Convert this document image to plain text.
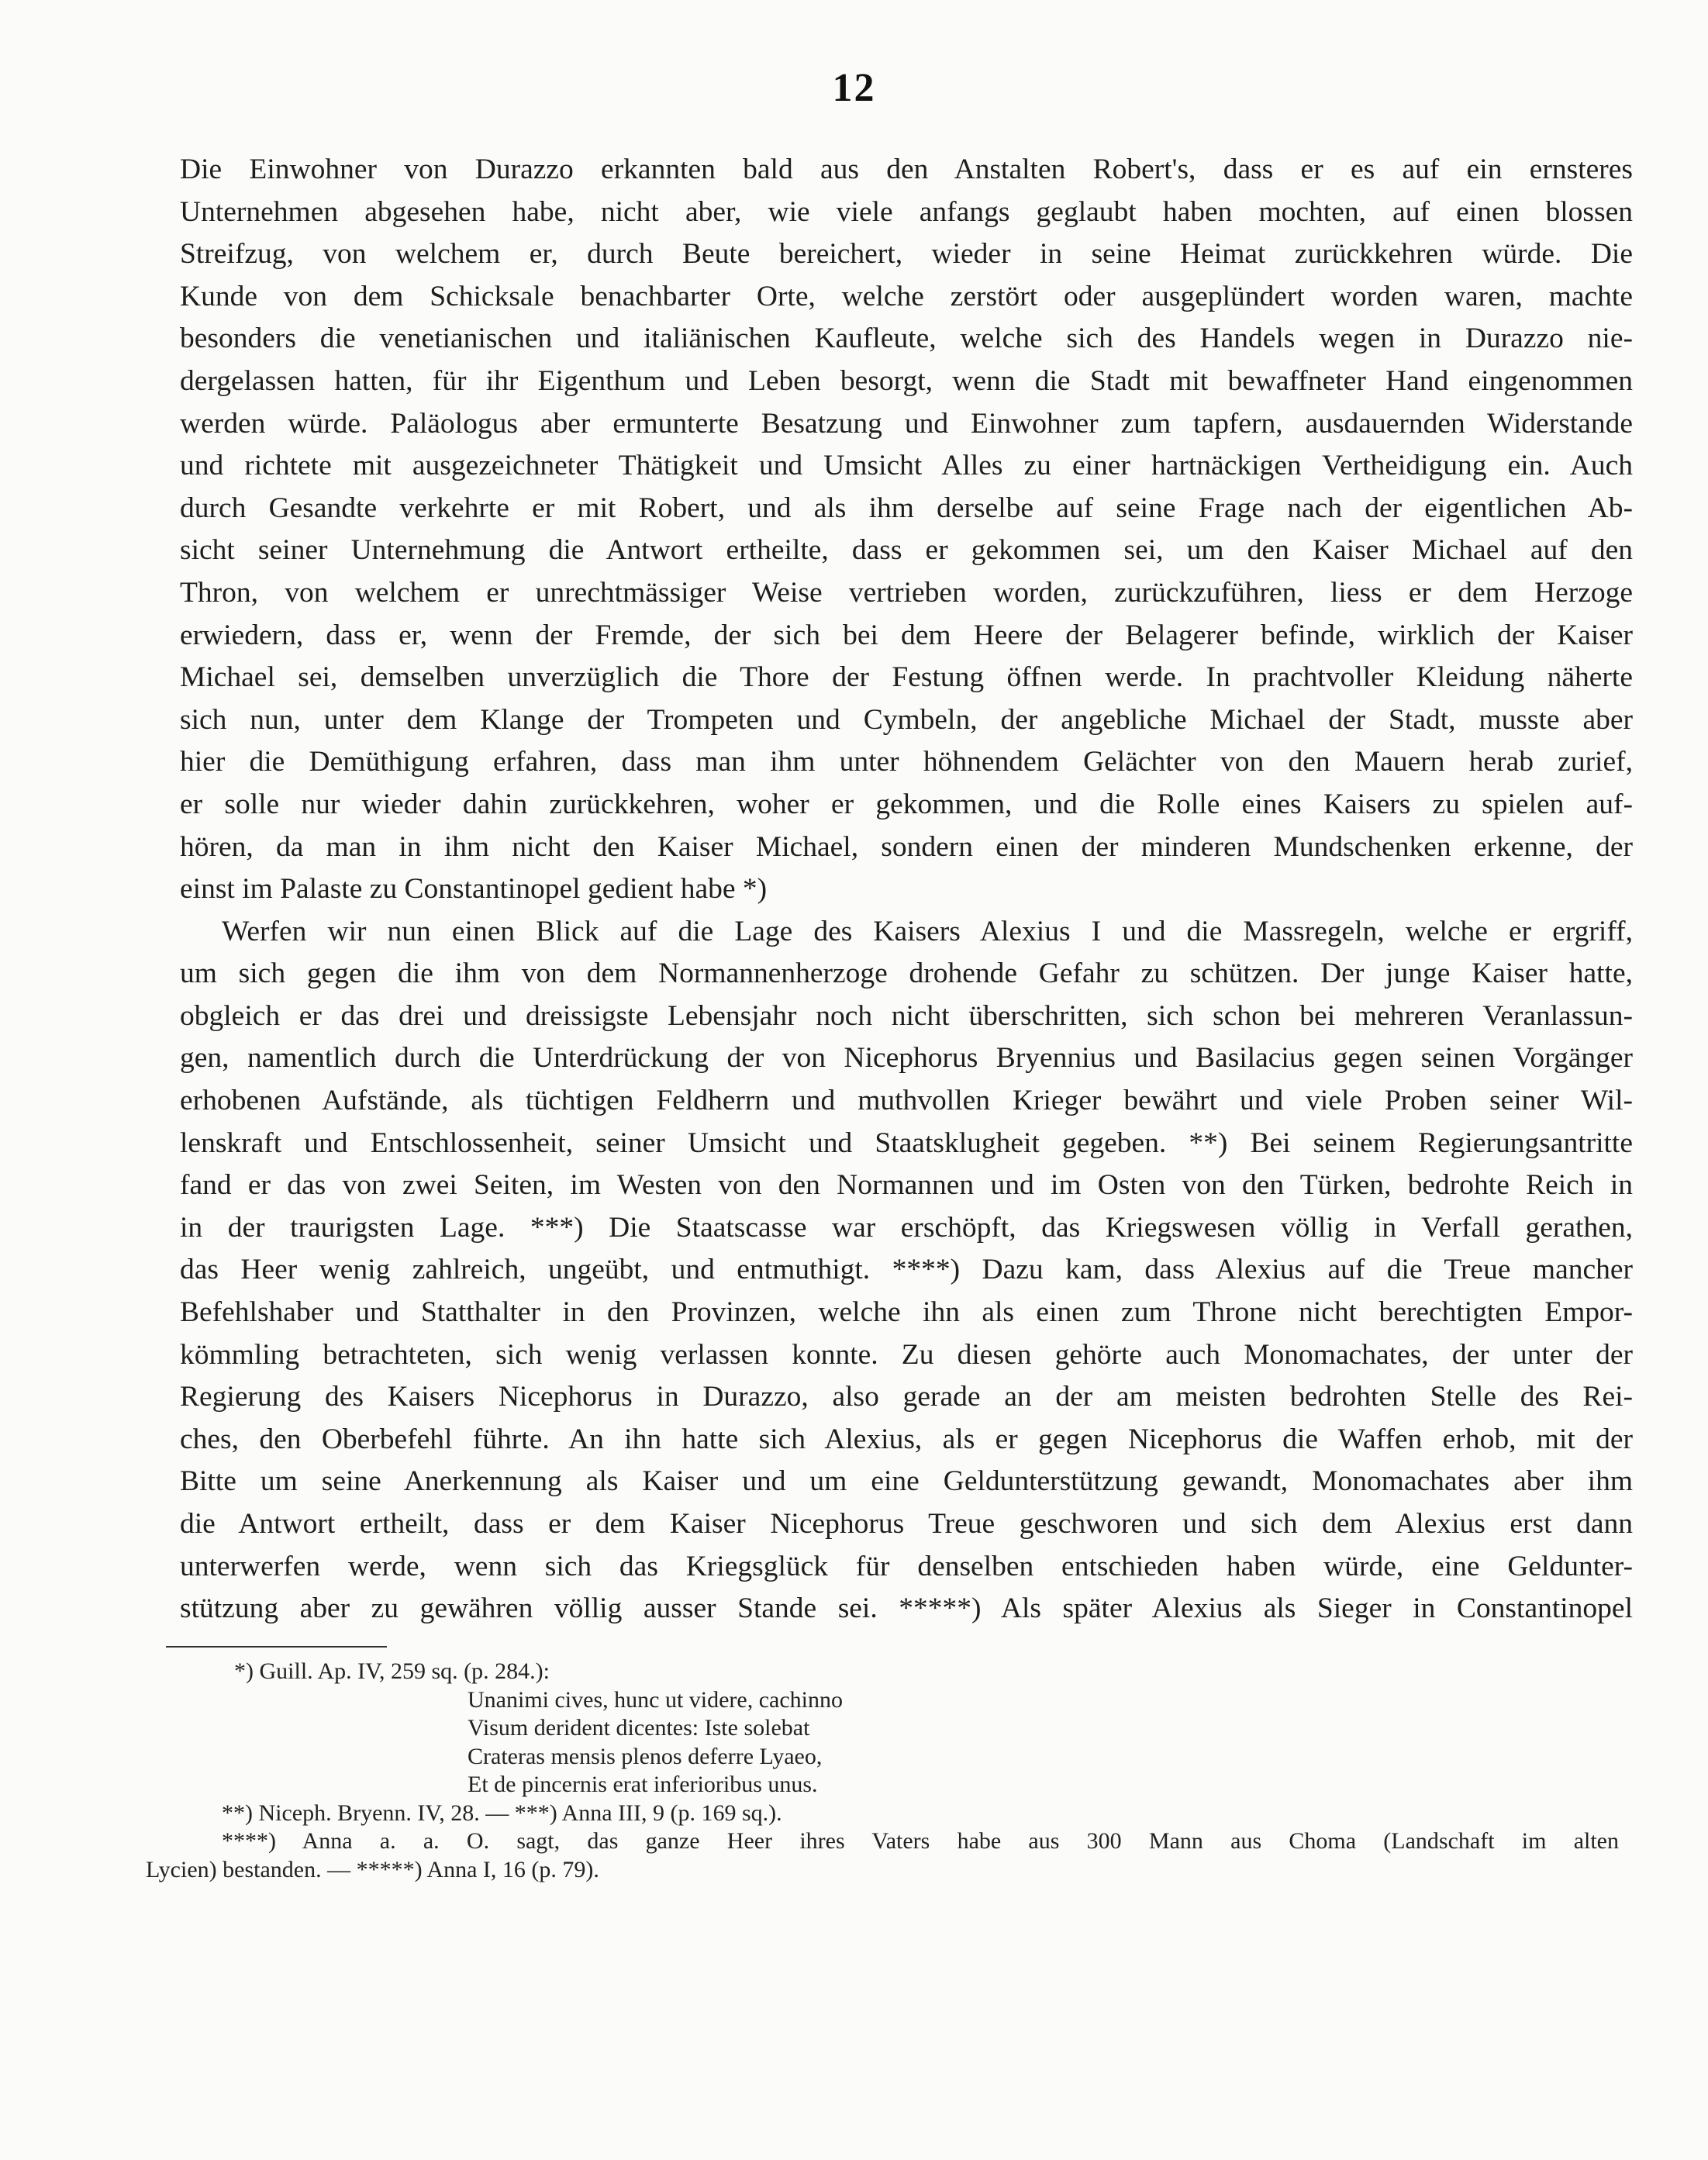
12
Die Einwohner von Durazzo erkannten bald aus den Anstalten Robert's, dass er es auf ein ernsteres
Unternehmen abgesehen habe, nicht aber, wie viele anfangs geglaubt haben mochten, auf einen blossen
Streifzug, von welchem er, durch Beute bereichert, wieder in seine Heimat zurückkehren würde. Die
Kunde von dem Schicksale benachbarter Orte, welche zerstört oder ausgeplündert worden waren, machte
besonders die venetianischen und italiänischen Kaufleute, welche sich des Handels wegen in Durazzo nie-
dergelassen hatten, für ihr Eigenthum und Leben besorgt, wenn die Stadt mit bewaffneter Hand eingenommen
werden würde. Paläologus aber ermunterte Besatzung und Einwohner zum tapfern, ausdauernden Widerstande
und richtete mit ausgezeichneter Thätigkeit und Umsicht Alles zu einer hartnäckigen Vertheidigung ein. Auch
durch Gesandte verkehrte er mit Robert, und als ihm derselbe auf seine Frage nach der eigentlichen Ab-
sicht seiner Unternehmung die Antwort ertheilte, dass er gekommen sei, um den Kaiser Michael auf den
Thron, von welchem er unrechtmässiger Weise vertrieben worden, zurückzuführen, liess er dem Herzoge
erwiedern, dass er, wenn der Fremde, der sich bei dem Heere der Belagerer befinde, wirklich der Kaiser
Michael sei, demselben unverzüglich die Thore der Festung öffnen werde. In prachtvoller Kleidung näherte
sich nun, unter dem Klange der Trompeten und Cymbeln, der angebliche Michael der Stadt, musste aber
hier die Demüthigung erfahren, dass man ihm unter höhnendem Gelächter von den Mauern herab zurief,
er solle nur wieder dahin zurückkehren, woher er gekommen, und die Rolle eines Kaisers zu spielen auf-
hören, da man in ihm nicht den Kaiser Michael, sondern einen der minderen Mundschenken erkenne, der
einst im Palaste zu Constantinopel gedient habe *)
Werfen wir nun einen Blick auf die Lage des Kaisers Alexius I und die Massregeln, welche er ergriff,
um sich gegen die ihm von dem Normannenherzoge drohende Gefahr zu schützen. Der junge Kaiser hatte,
obgleich er das drei und dreissigste Lebensjahr noch nicht überschritten, sich schon bei mehreren Veranlassun-
gen, namentlich durch die Unterdrückung der von Nicephorus Bryennius und Basilacius gegen seinen Vorgänger
erhobenen Aufstände, als tüchtigen Feldherrn und muthvollen Krieger bewährt und viele Proben seiner Wil-
lenskraft und Entschlossenheit, seiner Umsicht und Staatsklugheit gegeben. **) Bei seinem Regierungsantritte
fand er das von zwei Seiten, im Westen von den Normannen und im Osten von den Türken, bedrohte Reich in
in der traurigsten Lage. ***) Die Staatscasse war erschöpft, das Kriegswesen völlig in Verfall gerathen,
das Heer wenig zahlreich, ungeübt, und entmuthigt. ****) Dazu kam, dass Alexius auf die Treue mancher
Befehlshaber und Statthalter in den Provinzen, welche ihn als einen zum Throne nicht berechtigten Empor-
kömmling betrachteten, sich wenig verlassen konnte. Zu diesen gehörte auch Monomachates, der unter der
Regierung des Kaisers Nicephorus in Durazzo, also gerade an der am meisten bedrohten Stelle des Rei-
ches, den Oberbefehl führte. An ihn hatte sich Alexius, als er gegen Nicephorus die Waffen erhob, mit der
Bitte um seine Anerkennung als Kaiser und um eine Geldunterstützung gewandt, Monomachates aber ihm
die Antwort ertheilt, dass er dem Kaiser Nicephorus Treue geschworen und sich dem Alexius erst dann
unterwerfen werde, wenn sich das Kriegsglück für denselben entschieden haben würde, eine Geldunter-
stützung aber zu gewähren völlig ausser Stande sei. *****) Als später Alexius als Sieger in Constantinopel
*) Guill. Ap. IV, 259 sq. (p. 284.):
Unanimi cives, hunc ut videre, cachinno
Visum derident dicentes: Iste solebat
Crateras mensis plenos deferre Lyaeo,
Et de pincernis erat inferioribus unus.
**) Niceph. Bryenn. IV, 28. — ***) Anna III, 9 (p. 169 sq.).
****) Anna a. a. O. sagt, das ganze Heer ihres Vaters habe aus 300 Mann aus Choma (Landschaft im alten
Lycien) bestanden. — *****) Anna I, 16 (p. 79).
